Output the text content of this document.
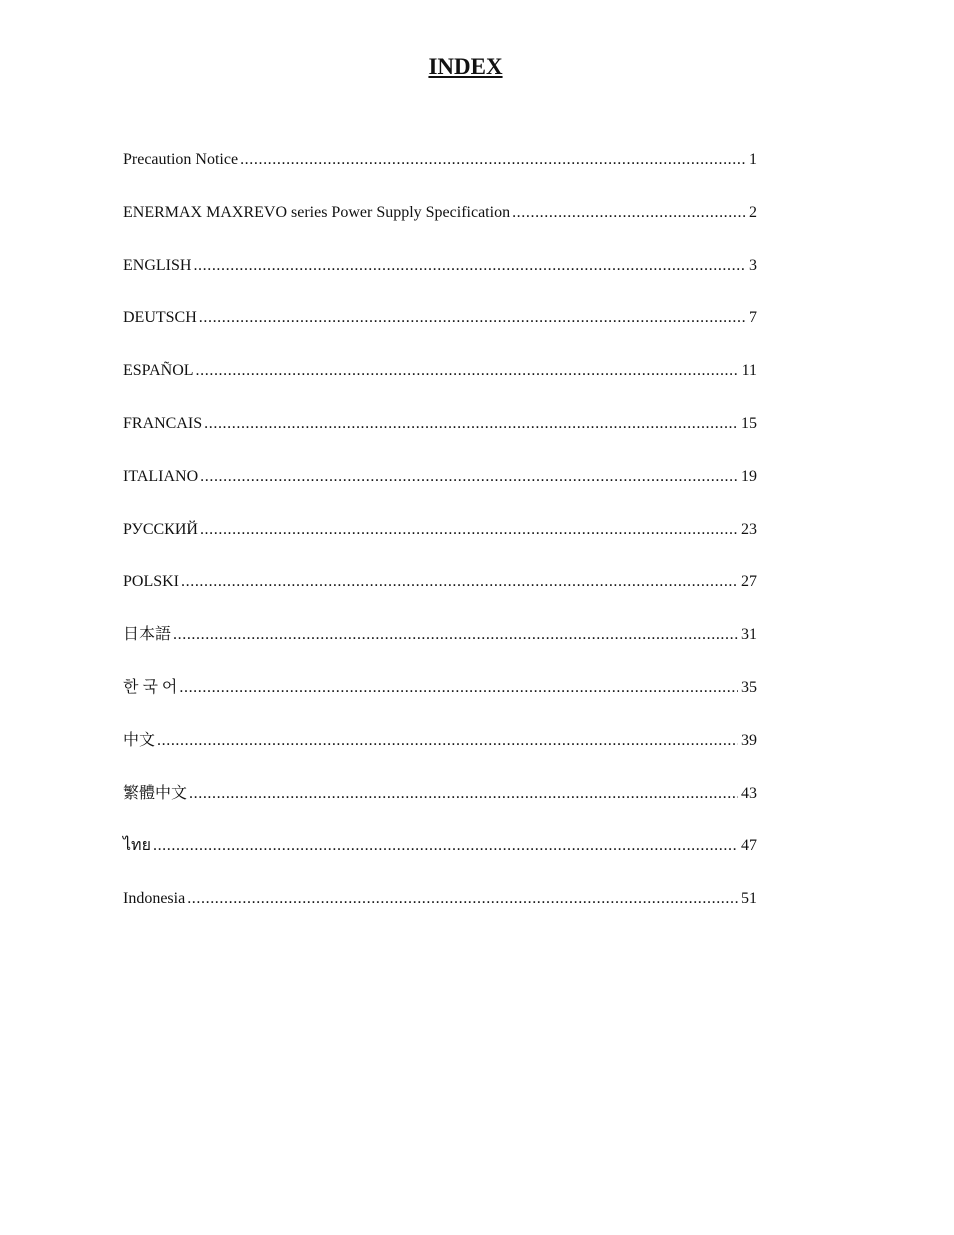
INDEX
Precaution Notice .....	1
ENERMAX MAXREVO series Power Supply Specification .....	2
ENGLISH .....	3
DEUTSCH .....	7
ESPAÑOL .....	11
FRANCAIS .....	15
ITALIANO .....	19
РУССКИЙ .....	23
POLSKI .....	27
日本語 .....	31
한 국 어 .....	35
中文 .....	39
繁體中文 .....	43
ไทย .....	47
Indonesia .....	51
